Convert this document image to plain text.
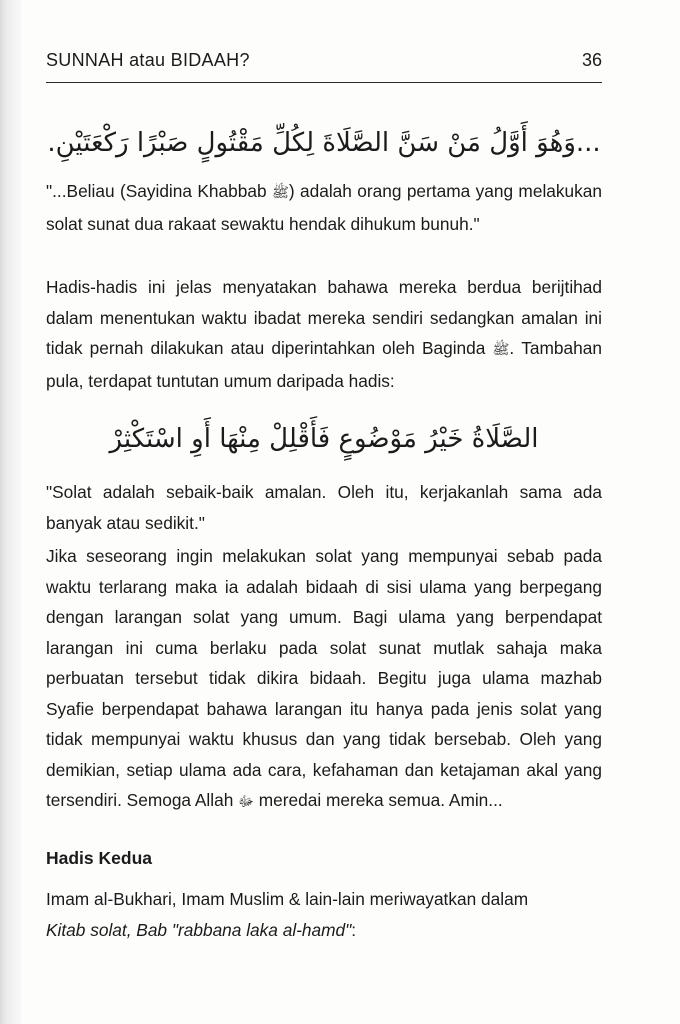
SUNNAH atau BIDAAH?	36
...وَهُوَ أَوَّلُ مَنْ سَنَّ الصَّلَاةَ لِكُلِّ مَقْتُولٍ صَبْرًا رَكْعَتَيْنِ.

"...Beliau (Sayidina Khabbab ﷺ) adalah orang pertama yang melakukan solat sunat dua rakaat sewaktu hendak dihukum bunuh."

Hadis-hadis ini jelas menyatakan bahawa mereka berdua berijtihad dalam menentukan waktu ibadat mereka sendiri sedangkan amalan ini tidak pernah dilakukan atau diperintahkan oleh Baginda ﷺ. Tambahan pula, terdapat tuntutan umum daripada hadis:

الصَّلَاةُ خَيْرُ مَوْضُوعٍ فَأَقْلِلْ مِنْهَا أَوِ اسْتَكْثِرْ

"Solat adalah sebaik-baik amalan. Oleh itu, kerjakanlah sama ada banyak atau sedikit."

Jika seseorang ingin melakukan solat yang mempunyai sebab pada waktu terlarang maka ia adalah bidaah di sisi ulama yang berpegang dengan larangan solat yang umum. Bagi ulama yang berpendapat larangan ini cuma berlaku pada solat sunat mutlak sahaja maka perbuatan tersebut tidak dikira bidaah. Begitu juga ulama mazhab Syafie berpendapat bahawa larangan itu hanya pada jenis solat yang tidak mempunyai waktu khusus dan yang tidak bersebab. Oleh yang demikian, setiap ulama ada cara, kefahaman dan ketajaman akal yang tersendiri. Semoga Allah ﷻ meredai mereka semua. Amin...

Hadis Kedua

Imam al-Bukhari, Imam Muslim & lain-lain meriwayatkan dalam
Kitab solat, Bab "rabbana laka al-hamd":
